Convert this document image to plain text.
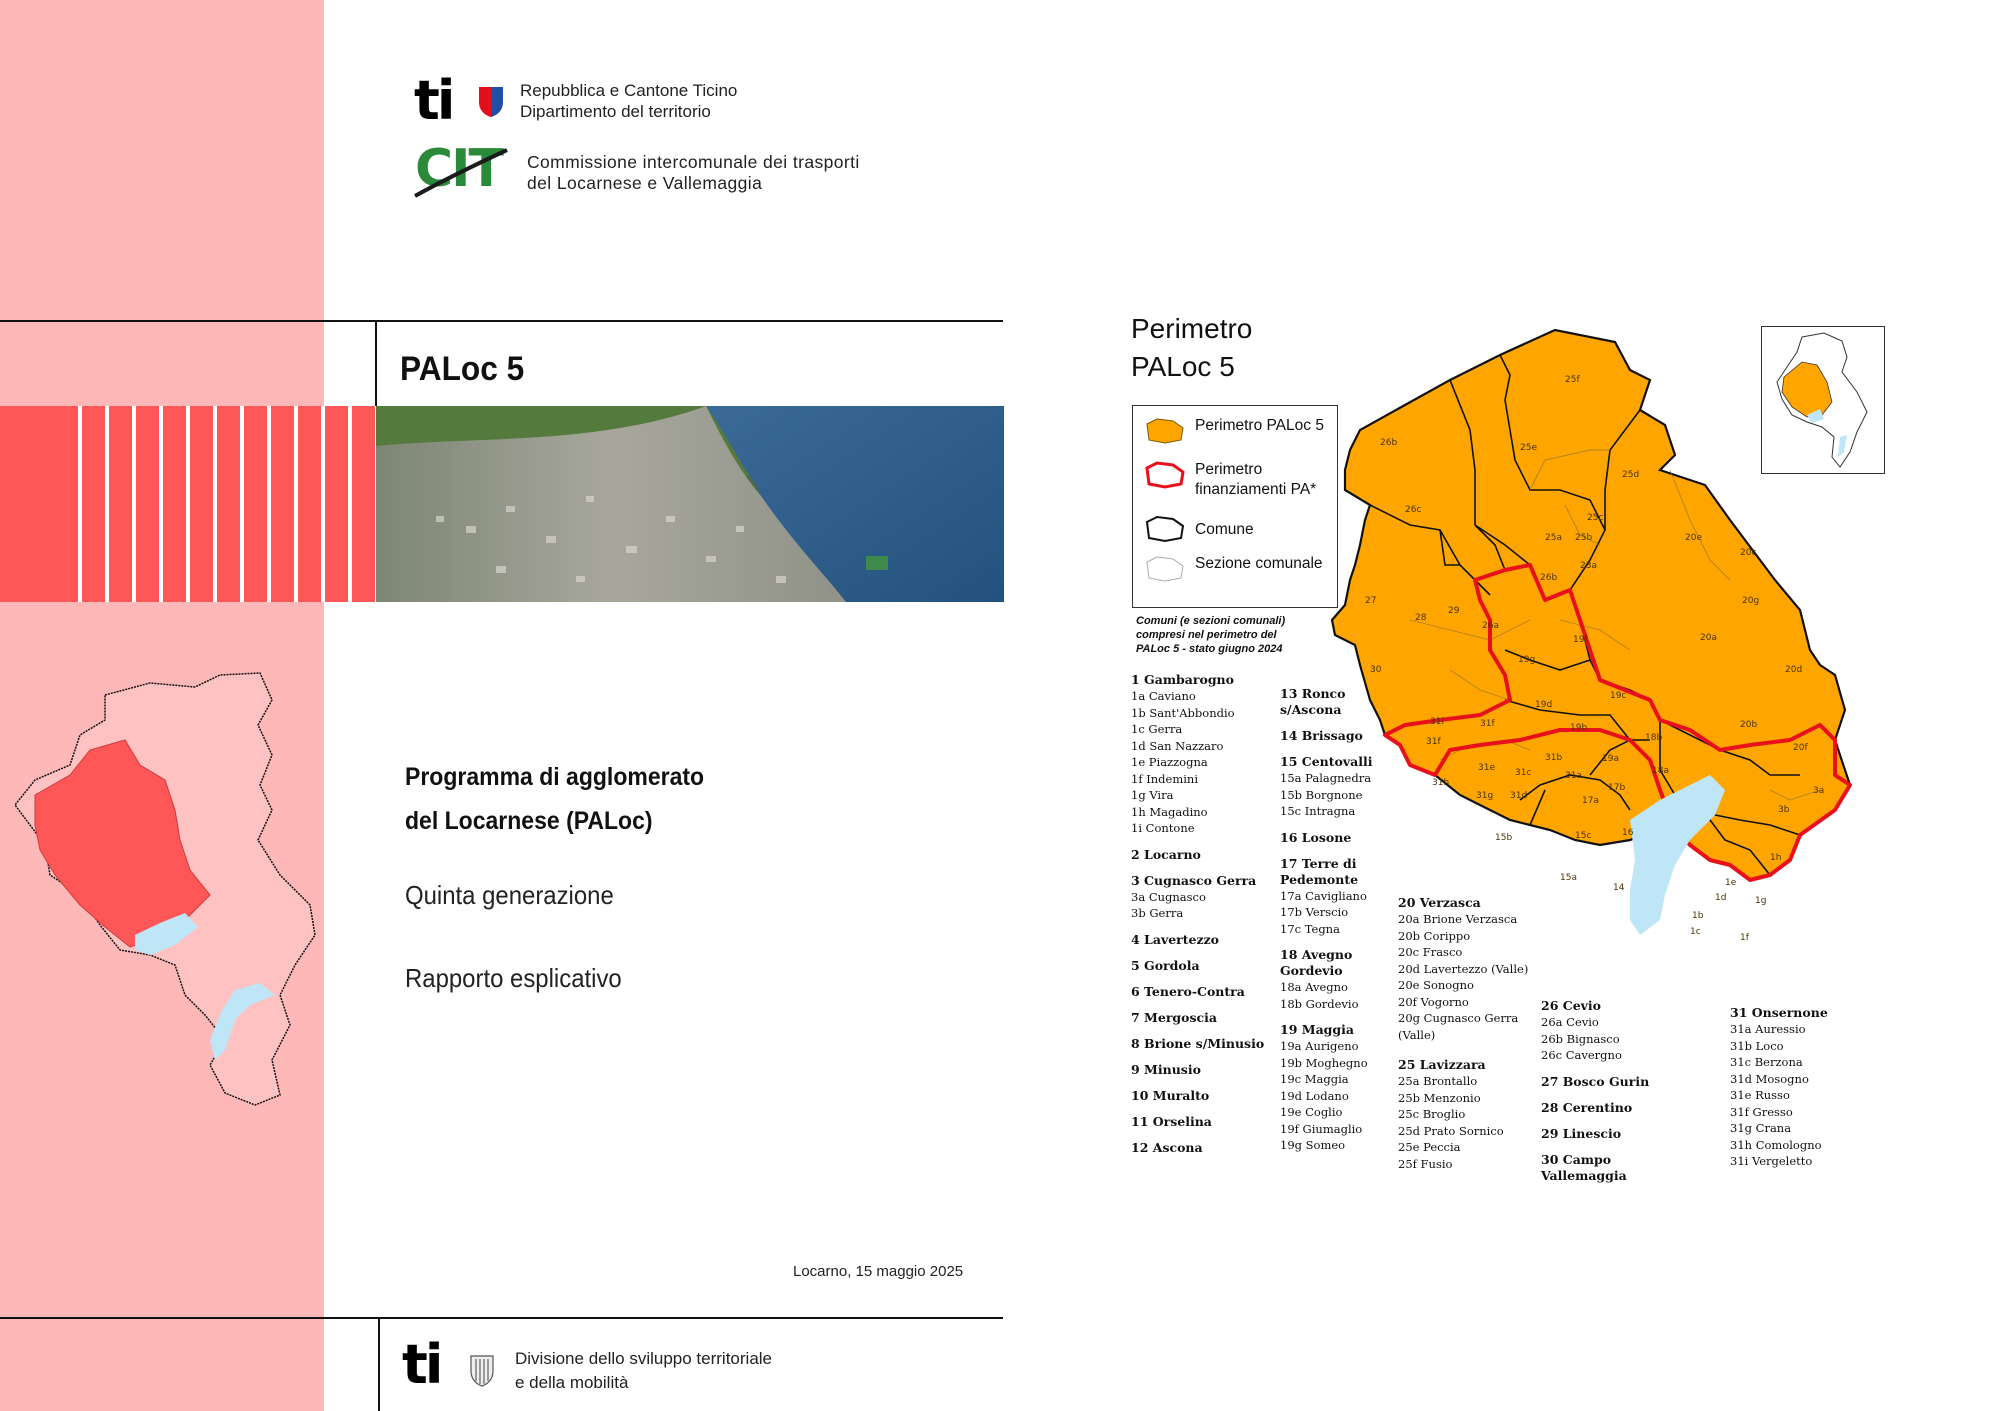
ti	Repubblica e Cantone Ticino
Dipartimento del territorio
CIT	Commissione intercomunale dei trasporti
del Locarnese e Vallemaggia
PALoc 5
Programma di agglomerato
del Locarnese (PALoc)
Quinta generazione
Rapporto esplicativo
Locarno, 15 maggio 2025
ti	Divisione dello sviluppo territoriale
e della mobilità
Perimetro
PALoc 5
Perimetro PALoc 5
Perimetro finanziamenti PA*
Comune
Sezione comunale
Comuni (e sezioni comunali)
compresi nel perimetro del
PALoc 5 - stato giugno 2024
25f
26b	25e
25d
26c
25c
25a 25b
23a
20e
20c
26b
27
28
29
26a
19f
19g
20g
20a
30
19d
19c
20d
31i
31f
31f	19b
18b
20b
20f
19a
31h
31e
31b
31c	31a	18a
31g 31d	17a
17b	3a
15b	15c	16
3b
15a
14
1h
1e
1d	1g
1b
1c
1f
1 Gambarogno
1a Caviano
1b Sant'Abbondio
1c Gerra
1d San Nazzaro
1e Piazzogna
1f Indemini
1g Vira
1h Magadino
1i Contone
2 Locarno
3 Cugnasco Gerra
3a Cugnasco
3b Gerra
4 Lavertezzo
5 Gordola
6 Tenero-Contra
7 Mergoscia
8 Brione s/Minusio
9 Minusio
10 Muralto
11 Orselina
12 Ascona
13 Ronco s/Ascona
14 Brissago
15 Centovalli
15a Palagnedra
15b Borgnone
15c Intragna
16 Losone
17 Terre di Pedemonte
17a Cavigliano
17b Verscio
17c Tegna
18 Avegno Gordevio
18a Avegno
18b Gordevio
19 Maggia
19a Aurigeno
19b Moghegno
19c Maggia
19d Lodano
19e Coglio
19f Giumaglio
19g Someo
20 Verzasca
20a Brione Verzasca
20b Corippo
20c Frasco
20d Lavertezzo (Valle)
20e Sonogno
20f Vogorno
20g Cugnasco Gerra (Valle)
25 Lavizzara
25a Brontallo
25b Menzonio
25c Broglio
25d Prato Sornico
25e Peccia
25f Fusio
26 Cevio
26a Cevio
26b Bignasco
26c Cavergno
27 Bosco Gurin
28 Cerentino
29 Linescio
30 Campo Vallemaggia
31 Onsernone
31a Auressio
31b Loco
31c Berzona
31d Mosogno
31e Russo
31f Gresso
31g Crana
31h Comologno
31i Vergeletto
